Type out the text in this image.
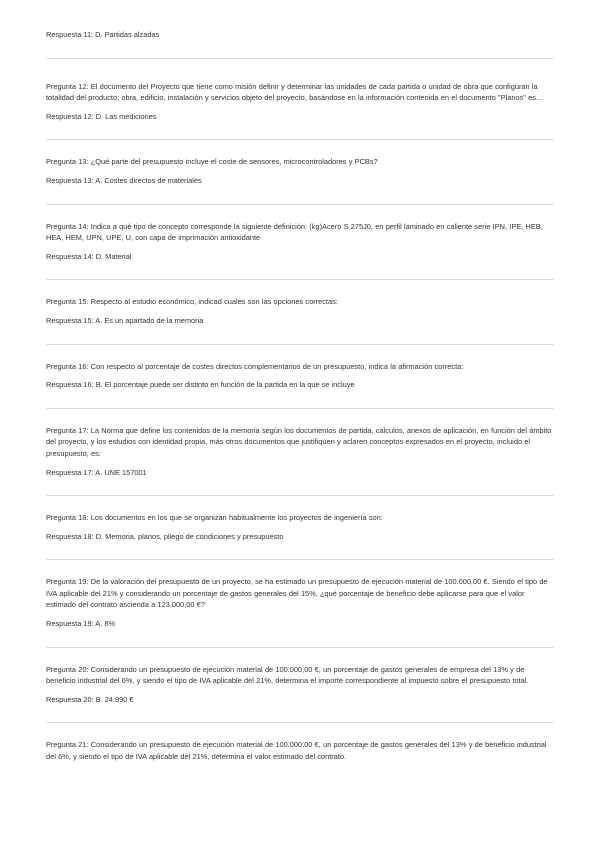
Respuesta 11: D. Partidas alzadas

Pregunta 12: El documento del Proyecto que tiene como misión definir y determinar las unidades de cada partida o unidad de obra que configuran la totalidad del producto, obra, edificio, instalación y servicios objeto del proyecto, basándose en la información contenida en el documento "Planos" es...

Respuesta 12: D. Las mediciones

Pregunta 13: ¿Qué parte del presupuesto incluye el coste de sensores, microcontroladores y PCBs?

Respuesta 13: A. Costes directos de materiales

Pregunta 14: Indica a qué tipo de concepto corresponde la siguiente definición: (kg)Acero S 275J0, en perfil laminado en caliente serie IPN, IPE, HEB, HEA, HEM, UPN, UPE, U, con capa de imprimación antioxidante

Respuesta 14: D. Material

Pregunta 15: Respecto al estudio económico, indicad cuales son las opciones correctas:

Respuesta 15: A. Es un apartado de la memoria

Pregunta 16: Con respecto al porcentaje de costes directos complementarios de un presupuesto, indica la afirmación correcta:

Respuesta 16: B. El porcentaje puede ser distinto en función de la partida en la que se incluye

Pregunta 17: La Norma que define los contenidos de la memoria según los documentos de partida, cálculos, anexos de aplicación, en función del ámbito del proyecto, y los estudios con identidad propia, más otros documentos que justifiquen y aclaren conceptos expresados en el proyecto, incluido el presupuesto, es:

Respuesta 17: A. UNE 157001

Pregunta 18: Los documentos en los que se organizan habitualmente los proyectos de ingeniería son:

Respuesta 18: D. Memoria, planos, pliego de condiciones y presupuesto

Pregunta 19: De la valoración del presupuesto de un proyecto, se ha estimado un presupuesto de ejecución material de 100.000,00 €. Siendo el tipo de IVA aplicable del 21% y considerando un porcentaje de gastos generales del 15%, ¿qué porcentaje de beneficio debe aplicarse para que el valor estimado del contrato ascienda a 123.000,00 €?

Respuesta 19: A. 8%

Pregunta 20: Considerando un presupuesto de ejecución material de 100.000,00 €, un porcentaje de gastos generales de empresa del 13% y de beneficio industrial del 6%, y siendo el tipo de IVA aplicable del 21%, determina el importe correspondiente al impuesto sobre el presupuesto total.

Respuesta 20: B. 24.990 €

Pregunta 21: Considerando un presupuesto de ejecución material de 100.000,00 €, un porcentaje de gastos generales del 13% y de beneficio industrial del 6%, y siendo el tipo de IVA aplicable del 21%, determina el valor estimado del contrato.
